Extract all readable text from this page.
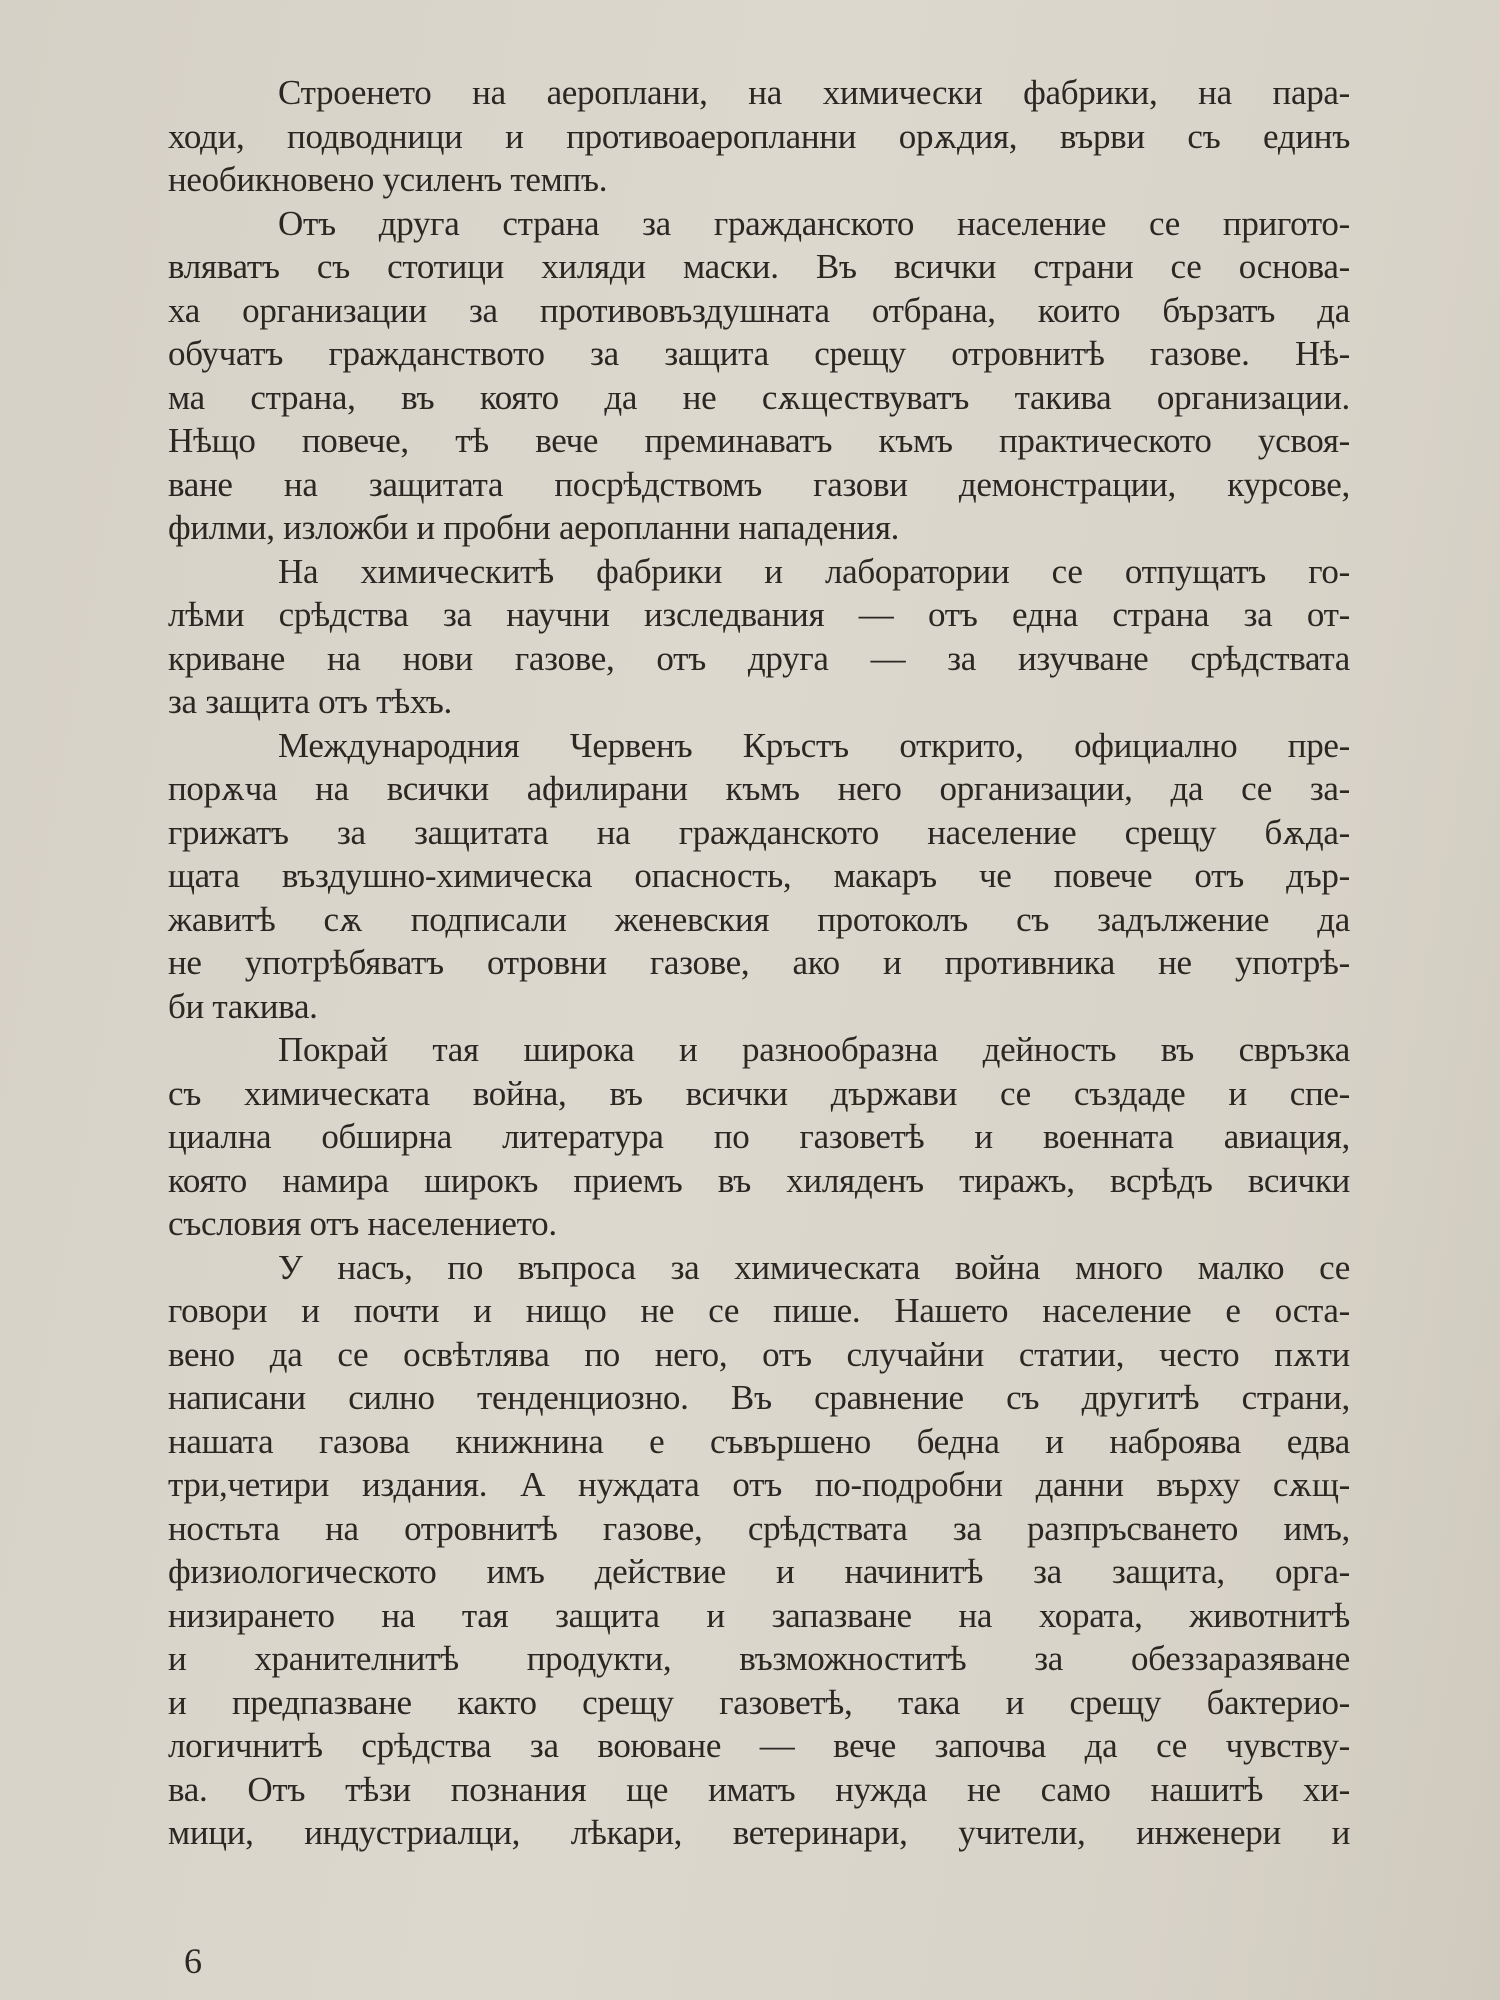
Строенето на аероплани, на химически фабрики, на пара-
ходи, подводници и противоаеропланни орѫдия, върви съ единъ
необикновено усиленъ темпъ.
Отъ друга страна за гражданското население се пригото-
вляватъ съ стотици хиляди маски. Въ всички страни се основа-
ха организации за противовъздушната отбрана, които бързатъ да
обучатъ гражданството за защита срещу отровнитѣ газове. Нѣ-
ма страна, въ която да не сѫществуватъ такива организации.
Нѣщо повече, тѣ вече преминаватъ къмъ практическото усвоя-
ване на защитата посрѣдствомъ газови демонстрации, курсове,
филми, изложби и пробни аеропланни нападения.
На химическитѣ фабрики и лаборатории се отпущатъ го-
лѣми срѣдства за научни изследвания — отъ една страна за от-
криване на нови газове, отъ друга — за изучване срѣдствата
за защита отъ тѣхъ.
Международния Червенъ Кръстъ открито, официално пре-
порѫча на всички афилирани къмъ него организации, да се за-
грижатъ за защитата на гражданското население срещу бѫда-
щата въздушно-химическа опасность, макаръ че повече отъ дър-
жавитѣ сѫ подписали женевския протоколъ съ задължение да
не употрѣбяватъ отровни газове, ако и противника не употрѣ-
би такива.
Покрай тая широка и разнообразна дейность въ свръзка
съ химическата война, въ всички държави се създаде и спе-
циална обширна литература по газоветѣ и военната авиация,
която намира широкъ приемъ въ хилядeнъ тиражъ, всрѣдъ всички
съсловия отъ населението.
У насъ, по въпроса за химическата война много малко се
говори и почти и нищо не се пише. Нашето население е оста-
вено да се освѣтлява по него, отъ случайни статии, често пѫти
написани силно тенденциозно. Въ сравнение съ другитѣ страни,
нашата газова книжнина е съвършено бедна и наброява едва
три,четири издания. А нуждата отъ по-подробни данни върху сѫщ-
ностьта на отровнитѣ газове, срѣдствата за разпръсването имъ,
физиологическото имъ действие и начинитѣ за защита, орга-
низирането на тая защита и запазване на хората, животнитѣ
и хранителнитѣ продукти, възможноститѣ за обеззаразяване
и предпазване както срещу газоветѣ, така и срещу бактерио-
логичнитѣ срѣдства за воюване — вече започва да се чувству-
ва. Отъ тѣзи познания ще иматъ нужда не само нашитѣ хи-
мици, индустриалци, лѣкари, ветеринари, учители, инженери и
6
